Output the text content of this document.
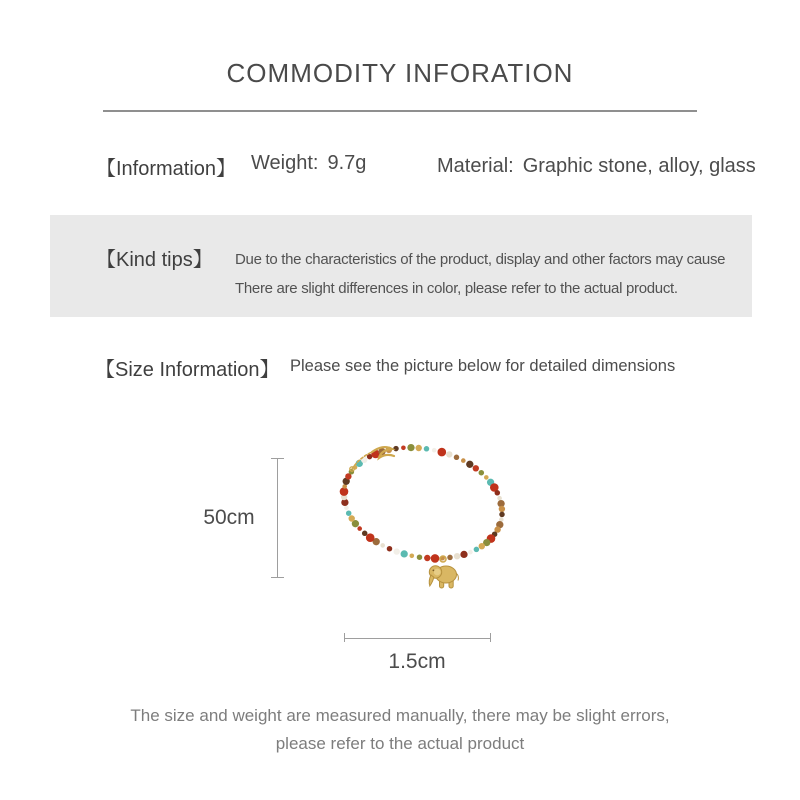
COMMODITY INFORATION
【Information】 Weight: 9.7g	Material: Graphic stone, alloy, glass
【Kind tips】 Due to the characteristics of the product, display and other factors may cause
There are slight differences in color, please refer to the actual product.
【Size Information】 Please see the picture below for detailed dimensions
50cm
1.5cm
The size and weight are measured manually, there may be slight errors,
please refer to the actual product
